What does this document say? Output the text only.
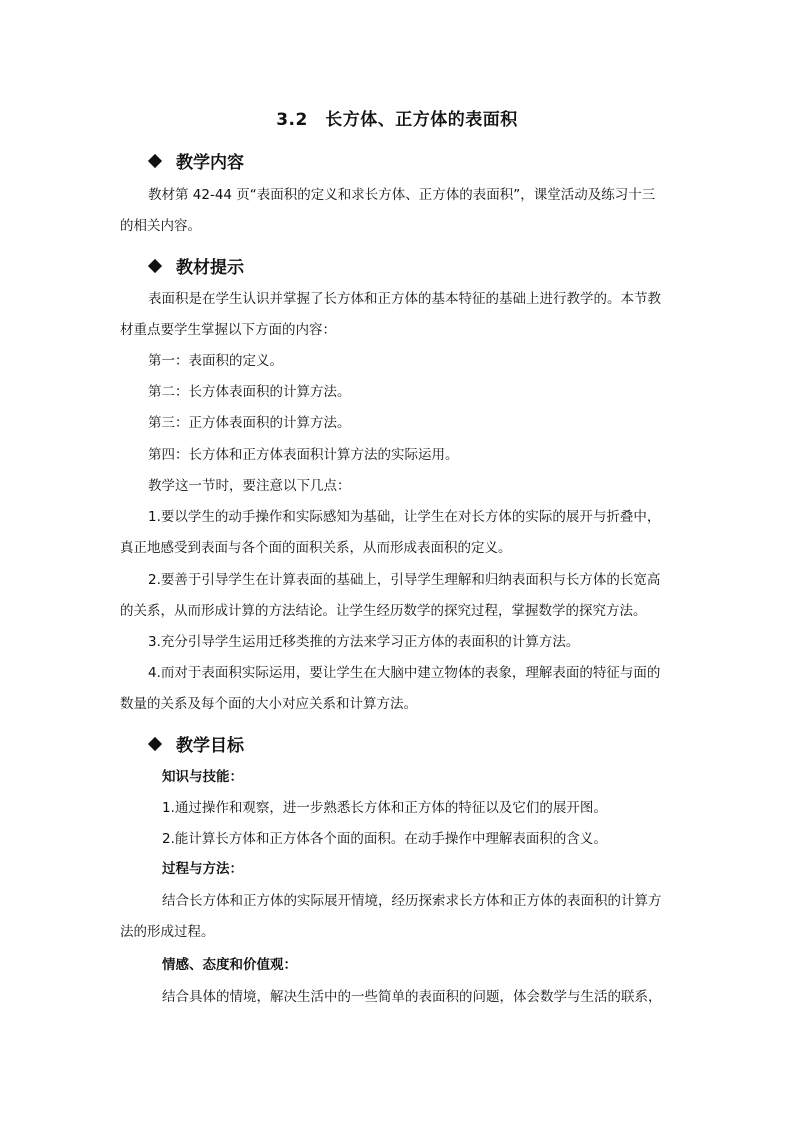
3.2　长方体、正方体的表面积
教学内容
教材第 42-44 页“表面积的定义和求长方体、正方体的表面积”，课堂活动及练习十三
的相关内容。
教材提示
表面积是在学生认识并掌握了长方体和正方体的基本特征的基础上进行教学的。本节教
材重点要学生掌握以下方面的内容：
第一：表面积的定义。
第二：长方体表面积的计算方法。
第三：正方体表面积的计算方法。
第四：长方体和正方体表面积计算方法的实际运用。
教学这一节时，要注意以下几点：
1.要以学生的动手操作和实际感知为基础，让学生在对长方体的实际的展开与折叠中，
真正地感受到表面与各个面的面积关系，从而形成表面积的定义。
2.要善于引导学生在计算表面的基础上，引导学生理解和归纳表面积与长方体的长宽高
的关系，从而形成计算的方法结论。让学生经历数学的探究过程，掌握数学的探究方法。
3.充分引导学生运用迁移类推的方法来学习正方体的表面积的计算方法。
4.而对于表面积实际运用，要让学生在大脑中建立物体的表象，理解表面的特征与面的
数量的关系及每个面的大小对应关系和计算方法。
教学目标
知识与技能：
1.通过操作和观察，进一步熟悉长方体和正方体的特征以及它们的展开图。
2.能计算长方体和正方体各个面的面积。在动手操作中理解表面积的含义。
过程与方法：
结合长方体和正方体的实际展开情境，经历探索求长方体和正方体的表面积的计算方
法的形成过程。
情感、态度和价值观：
结合具体的情境，解决生活中的一些简单的表面积的问题，体会数学与生活的联系，
